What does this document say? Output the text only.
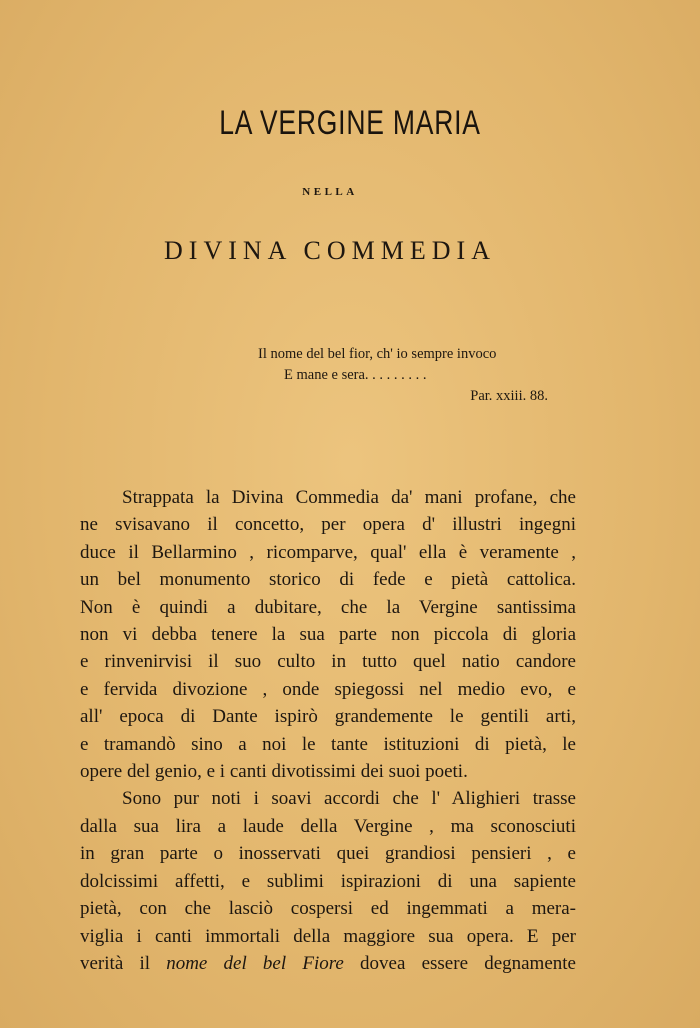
LA VERGINE MARIA
NELLA
DIVINA COMMEDIA
Il nome del bel fior, ch' io sempre invoco
E mane e sera. . . . . . . . .
Par. xxiii. 88.
Strappata la Divina Commedia da' mani profane, che
ne svisavano il concetto, per opera d' illustri ingegni
duce il Bellarmino , ricomparve, qual' ella è veramente ,
un bel monumento storico di fede e pietà cattolica.
Non è quindi a dubitare, che la Vergine santissima
non vi debba tenere la sua parte non piccola di gloria
e rinvenirvisi il suo culto in tutto quel natio candore
e fervida divozione , onde spiegossi nel medio evo, e
all' epoca di Dante ispirò grandemente le gentili arti,
e tramandò sino a noi le tante istituzioni di pietà, le
opere del genio, e i canti divotissimi dei suoi poeti.
Sono pur noti i soavi accordi che l' Alighieri trasse
dalla sua lira a laude della Vergine , ma sconosciuti
in gran parte o inosservati quei grandiosi pensieri , e
dolcissimi affetti, e sublimi ispirazioni di una sapiente
pietà, con che lasciò cospersi ed ingemmati a mera-
viglia i canti immortali della maggiore sua opera. E per
verità il nome del bel Fiore dovea essere degnamente
